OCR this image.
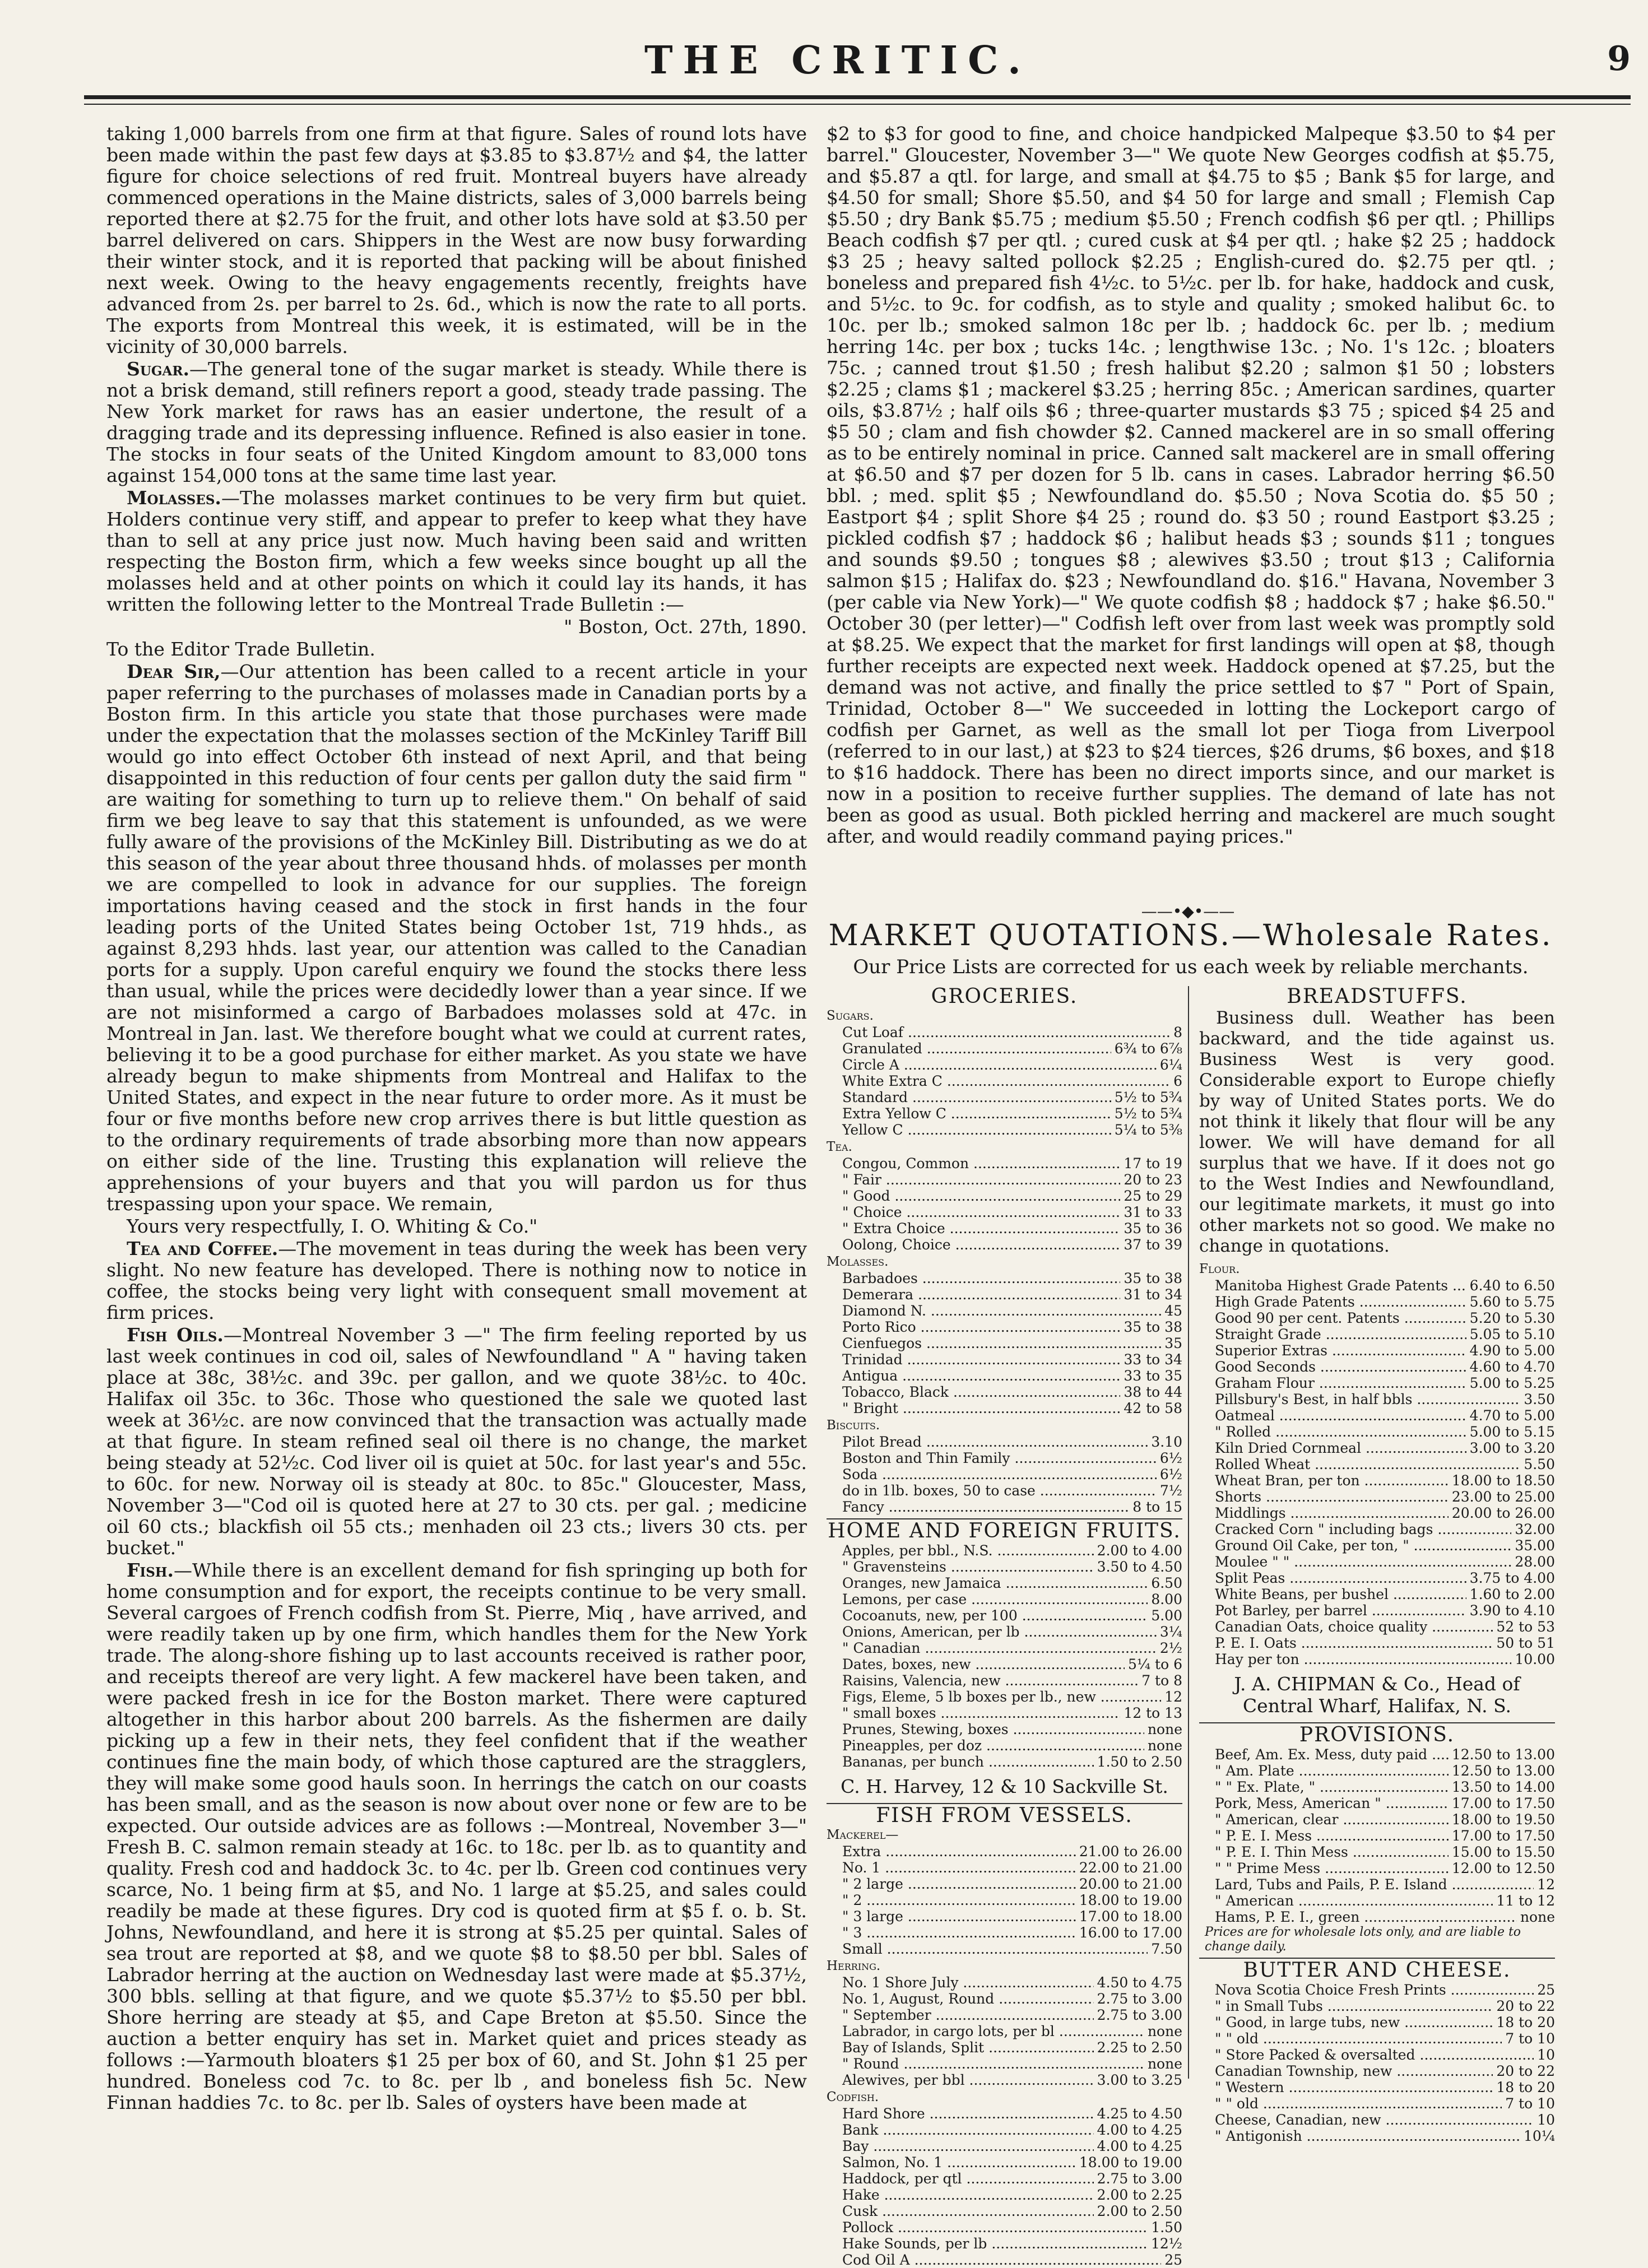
THE CRITIC.	9

taking 1,000 barrels from one firm at that figure. Sales of round lots have been made within the past few days at $3.85 to $3.87½ and $4, the latter figure for choice selections of red fruit. Montreal buyers have already commenced operations in the Maine districts, sales of 3,000 barrels being reported there at $2.75 for the fruit, and other lots have sold at $3.50 per barrel delivered on cars. Shippers in the West are now busy forwarding their winter stock, and it is reported that packing will be about finished next week. Owing to the heavy engagements recently, freights have advanced from 2s. per barrel to 2s. 6d., which is now the rate to all ports. The exports from Montreal this week, it is estimated, will be in the vicinity of 30,000 barrels.

Sugar.—The general tone of the sugar market is steady. While there is not a brisk demand, still refiners report a good, steady trade passing. The New York market for raws has an easier undertone, the result of a dragging trade and its depressing influence. Refined is also easier in tone. The stocks in four seats of the United Kingdom amount to 83,000 tons against 154,000 tons at the same time last year.

Molasses.—The molasses market continues to be very firm but quiet. Holders continue very stiff, and appear to prefer to keep what they have than to sell at any price just now. Much having been said and written respecting the Boston firm, which a few weeks since bought up all the molasses held and at other points on which it could lay its hands, it has written the following letter to the Montreal Trade Bulletin :—

" Boston, Oct. 27th, 1890.

To the Editor Trade Bulletin.

Dear Sir,—Our attention has been called to a recent article in your paper referring to the purchases of molasses made in Canadian ports by a Boston firm. In this article you state that those purchases were made under the expectation that the molasses section of the McKinley Tariff Bill would go into effect October 6th instead of next April, and that being disappointed in this reduction of four cents per gallon duty the said firm " are waiting for something to turn up to relieve them." On behalf of said firm we beg leave to say that this statement is unfounded, as we were fully aware of the provisions of the McKinley Bill. Distributing as we do at this season of the year about three thousand hhds. of molasses per month we are compelled to look in advance for our supplies. The foreign importations having ceased and the stock in first hands in the four leading ports of the United States being October 1st, 719 hhds., as against 8,293 hhds. last year, our attention was called to the Canadian ports for a supply. Upon careful enquiry we found the stocks there less than usual, while the prices were decidedly lower than a year since. If we are not misinformed a cargo of Barbadoes molasses sold at 47c. in Montreal in Jan. last. We therefore bought what we could at current rates, believing it to be a good purchase for either market. As you state we have already begun to make shipments from Montreal and Halifax to the United States, and expect in the near future to order more. As it must be four or five months before new crop arrives there is but little question as to the ordinary requirements of trade absorbing more than now appears on either side of the line. Trusting this explanation will relieve the apprehensions of your buyers and that you will pardon us for thus trespassing upon your space. We remain,

Yours very respectfully, I. O. Whiting & Co."

Tea and Coffee.—The movement in teas during the week has been very slight. No new feature has developed. There is nothing now to notice in coffee, the stocks being very light with consequent small movement at firm prices.

Fish Oils.—Montreal November 3 —" The firm feeling reported by us last week continues in cod oil, sales of Newfoundland " A " having taken place at 38c, 38½c. and 39c. per gallon, and we quote 38½c. to 40c. Halifax oil 35c. to 36c. Those who questioned the sale we quoted last week at 36½c. are now convinced that the transaction was actually made at that figure. In steam refined seal oil there is no change, the market being steady at 52½c. Cod liver oil is quiet at 50c. for last year's and 55c. to 60c. for new. Norway oil is steady at 80c. to 85c." Gloucester, Mass, November 3—"Cod oil is quoted here at 27 to 30 cts. per gal. ; medicine oil 60 cts.; blackfish oil 55 cts.; menhaden oil 23 cts.; livers 30 cts. per bucket."

Fish.—While there is an excellent demand for fish springing up both for home consumption and for export, the receipts continue to be very small. Several cargoes of French codfish from St. Pierre, Miq , have arrived, and were readily taken up by one firm, which handles them for the New York trade. The along-shore fishing up to last accounts received is rather poor, and receipts thereof are very light. A few mackerel have been taken, and were packed fresh in ice for the Boston market. There were captured altogether in this harbor about 200 barrels. As the fishermen are daily picking up a few in their nets, they feel confident that if the weather continues fine the main body, of which those captured are the stragglers, they will make some good hauls soon. In herrings the catch on our coasts has been small, and as the season is now about over none or few are to be expected. Our outside advices are as follows :—Montreal, November 3—" Fresh B. C. salmon remain steady at 16c. to 18c. per lb. as to quantity and quality. Fresh cod and haddock 3c. to 4c. per lb. Green cod continues very scarce, No. 1 being firm at $5, and No. 1 large at $5.25, and sales could readily be made at these figures. Dry cod is quoted firm at $5 f. o. b. St. Johns, Newfoundland, and here it is strong at $5.25 per quintal. Sales of sea trout are reported at $8, and we quote $8 to $8.50 per bbl. Sales of Labrador herring at the auction on Wednesday last were made at $5.37½, 300 bbls. selling at that figure, and we quote $5.37½ to $5.50 per bbl. Shore herring are steady at $5, and Cape Breton at $5.50. Since the auction a better enquiry has set in. Market quiet and prices steady as follows :—Yarmouth bloaters $1 25 per box of 60, and St. John $1 25 per hundred. Boneless cod 7c. to 8c. per lb , and boneless fish 5c. New Finnan haddies 7c. to 8c. per lb. Sales of oysters have been made at

$2 to $3 for good to fine, and choice handpicked Malpeque $3.50 to $4 per barrel." Gloucester, November 3—" We quote New Georges codfish at $5.75, and $5.87 a qtl. for large, and small at $4.75 to $5 ; Bank $5 for large, and $4.50 for small; Shore $5.50, and $4 50 for large and small ; Flemish Cap $5.50 ; dry Bank $5.75 ; medium $5.50 ; French codfish $6 per qtl. ; Phillips Beach codfish $7 per qtl. ; cured cusk at $4 per qtl. ; hake $2 25 ; haddock $3 25 ; heavy salted pollock $2.25 ; English-cured do. $2.75 per qtl. ; boneless and prepared fish 4½c. to 5½c. per lb. for hake, haddock and cusk, and 5½c. to 9c. for codfish, as to style and quality ; smoked halibut 6c. to 10c. per lb.; smoked salmon 18c per lb. ; haddock 6c. per lb. ; medium herring 14c. per box ; tucks 14c. ; lengthwise 13c. ; No. 1's 12c. ; bloaters 75c. ; canned trout $1.50 ; fresh halibut $2.20 ; salmon $1 50 ; lobsters $2.25 ; clams $1 ; mackerel $3.25 ; herring 85c. ; American sardines, quarter oils, $3.87½ ; half oils $6 ; three-quarter mustards $3 75 ; spiced $4 25 and $5 50 ; clam and fish chowder $2. Canned mackerel are in so small offering as to be entirely nominal in price. Canned salt mackerel are in small offering at $6.50 and $7 per dozen for 5 lb. cans in cases. Labrador herring $6.50 bbl. ; med. split $5 ; Newfoundland do. $5.50 ; Nova Scotia do. $5 50 ; Eastport $4 ; split Shore $4 25 ; round do. $3 50 ; round Eastport $3.25 ; pickled codfish $7 ; haddock $6 ; halibut heads $3 ; sounds $11 ; tongues and sounds $9.50 ; tongues $8 ; alewives $3.50 ; trout $13 ; California salmon $15 ; Halifax do. $23 ; Newfoundland do. $16." Havana, November 3 (per cable via New York)—" We quote codfish $8 ; haddock $7 ; hake $6.50." October 30 (per letter)—" Codfish left over from last week was promptly sold at $8.25. We expect that the market for first landings will open at $8, though further receipts are expected next week. Haddock opened at $7.25, but the demand was not active, and finally the price settled to $7 " Port of Spain, Trinidad, October 8—" We succeeded in lotting the Lockeport cargo of codfish per Garnet, as well as the small lot per Tioga from Liverpool (referred to in our last,) at $23 to $24 tierces, $26 drums, $6 boxes, and $18 to $16 haddock. There has been no direct imports since, and our market is now in a position to receive further supplies. The demand of late has not been as good as usual. Both pickled herring and mackerel are much sought after, and would readily command paying prices."

——•◆•——
MARKET QUOTATIONS.—Wholesale Rates.
Our Price Lists are corrected for us each week by reliable merchants.
GROCERIES.
Sugars.
Cut Loaf .....	8
Granulated .....	6¾ to 6⅞
Circle A .....	6¼
White Extra C .....	6
Standard .....	5½ to 5¾
Extra Yellow C .....	5½ to 5¾
Yellow C .....	5¼ to 5⅜
Tea.
Congou, Common .....	17 to 19
" Fair .....	20 to 23
" Good .....	25 to 29
" Choice .....	31 to 33
" Extra Choice .....	35 to 36
Oolong, Choice .....	37 to 39
Molasses.
Barbadoes .....	35 to 38
Demerara .....	31 to 34
Diamond N. .....	45
Porto Rico .....	35 to 38
Cienfuegos .....	35
Trinidad .....	33 to 34
Antigua .....	33 to 35
Tobacco, Black .....	38 to 44
" Bright .....	42 to 58
Biscuits.
Pilot Bread .....	3.10
Boston and Thin Family .....	6½
Soda .....	6½
do in 1lb. boxes, 50 to case .....	7½
Fancy .....	8 to 15
HOME AND FOREIGN FRUITS.
Apples, per bbl., N.S. .....	2.00 to 4.00
" Gravensteins .....	3.50 to 4.50
Oranges, new Jamaica .....	6.50
Lemons, per case .....	8.00
Cocoanuts, new, per 100 .....	5.00
Onions, American, per lb .....	3¼
" Canadian .....	2½
Dates, boxes, new .....	5¼ to 6
Raisins, Valencia, new .....	7 to 8
Figs, Eleme, 5 lb boxes per lb., new .....	12
" small boxes .....	12 to 13
Prunes, Stewing, boxes .....	none
Pineapples, per doz .....	none
Bananas, per bunch .....	1.50 to 2.50
C. H. Harvey, 12 & 10 Sackville St.
FISH FROM VESSELS.
Mackerel—
Extra .....	21.00 to 26.00
No. 1 .....	22.00 to 21.00
" 2 large .....	20.00 to 21.00
" 2 .....	18.00 to 19.00
" 3 large .....	17.00 to 18.00
" 3 .....	16.00 to 17.00
Small .....	7.50
Herring.
No. 1 Shore July .....	4.50 to 4.75
No. 1, August, Round .....	2.75 to 3.00
" September .....	2.75 to 3.00
Labrador, in cargo lots, per bl .....	none
Bay of Islands, Split .....	2.25 to 2.50
" Round .....	none
Alewives, per bbl .....	3.00 to 3.25
Codfish.
Hard Shore .....	4.25 to 4.50
Bank .....	4.00 to 4.25
Bay .....	4.00 to 4.25
Salmon, No. 1 .....	18.00 to 19.00
Haddock, per qtl .....	2.75 to 3.00
Hake .....	2.00 to 2.25
Cusk .....	2.00 to 2.50
Pollock .....	1.50
Hake Sounds, per lb .....	12½
Cod Oil A .....	25
BREADSTUFFS.

Business dull. Weather has been backward, and the tide against us. Business West is very good. Considerable export to Europe chiefly by way of United States ports. We do not think it likely that flour will be any lower. We will have demand for all surplus that we have. If it does not go to the West Indies and Newfoundland, our legitimate markets, it must go into other markets not so good. We make no change in quotations.

Flour.
Manitoba Highest Grade Patents .....	6.40 to 6.50
High Grade Patents .....	5.60 to 5.75
Good 90 per cent. Patents .....	5.20 to 5.30
Straight Grade .....	5.05 to 5.10
Superior Extras .....	4.90 to 5.00
Good Seconds .....	4.60 to 4.70
Graham Flour .....	5.00 to 5.25
Pillsbury's Best, in half bbls .....	3.50
Oatmeal .....	4.70 to 5.00
" Rolled .....	5.00 to 5.15
Kiln Dried Cornmeal .....	3.00 to 3.20
Rolled Wheat .....	5.50
Wheat Bran, per ton .....	18.00 to 18.50
Shorts .....	23.00 to 25.00
Middlings .....	20.00 to 26.00
Cracked Corn " including bags .....	32.00
Ground Oil Cake, per ton, " .....	35.00
Moulee " " .....	28.00
Split Peas .....	3.75 to 4.00
White Beans, per bushel .....	1.60 to 2.00
Pot Barley, per barrel .....	3.90 to 4.10
Canadian Oats, choice quality .....	52 to 53
P. E. I. Oats .....	50 to 51
Hay per ton .....	10.00
J. A. CHIPMAN & Co., Head of Central Wharf, Halifax, N. S.
PROVISIONS.
Beef, Am. Ex. Mess, duty paid .....	12.50 to 13.00
" Am. Plate .....	12.50 to 13.00
" " Ex. Plate, " .....	13.50 to 14.00
Pork, Mess, American " .....	17.00 to 17.50
" American, clear .....	18.00 to 19.50
" P. E. I. Mess .....	17.00 to 17.50
" P. E. I. Thin Mess .....	15.00 to 15.50
" " Prime Mess .....	12.00 to 12.50
Lard, Tubs and Pails, P. E. Island .....	12
" American .....	11 to 12
Hams, P. E. I., green .....	none
Prices are for wholesale lots only, and are liable to change daily.
BUTTER AND CHEESE.
Nova Scotia Choice Fresh Prints .....	25
" in Small Tubs .....	20 to 22
" Good, in large tubs, new .....	18 to 20
" " old .....	7 to 10
" Store Packed & oversalted .....	10
Canadian Township, new .....	20 to 22
" Western .....	18 to 20
" " old .....	7 to 10
Cheese, Canadian, new .....	10
" Antigonish .....	10¼
